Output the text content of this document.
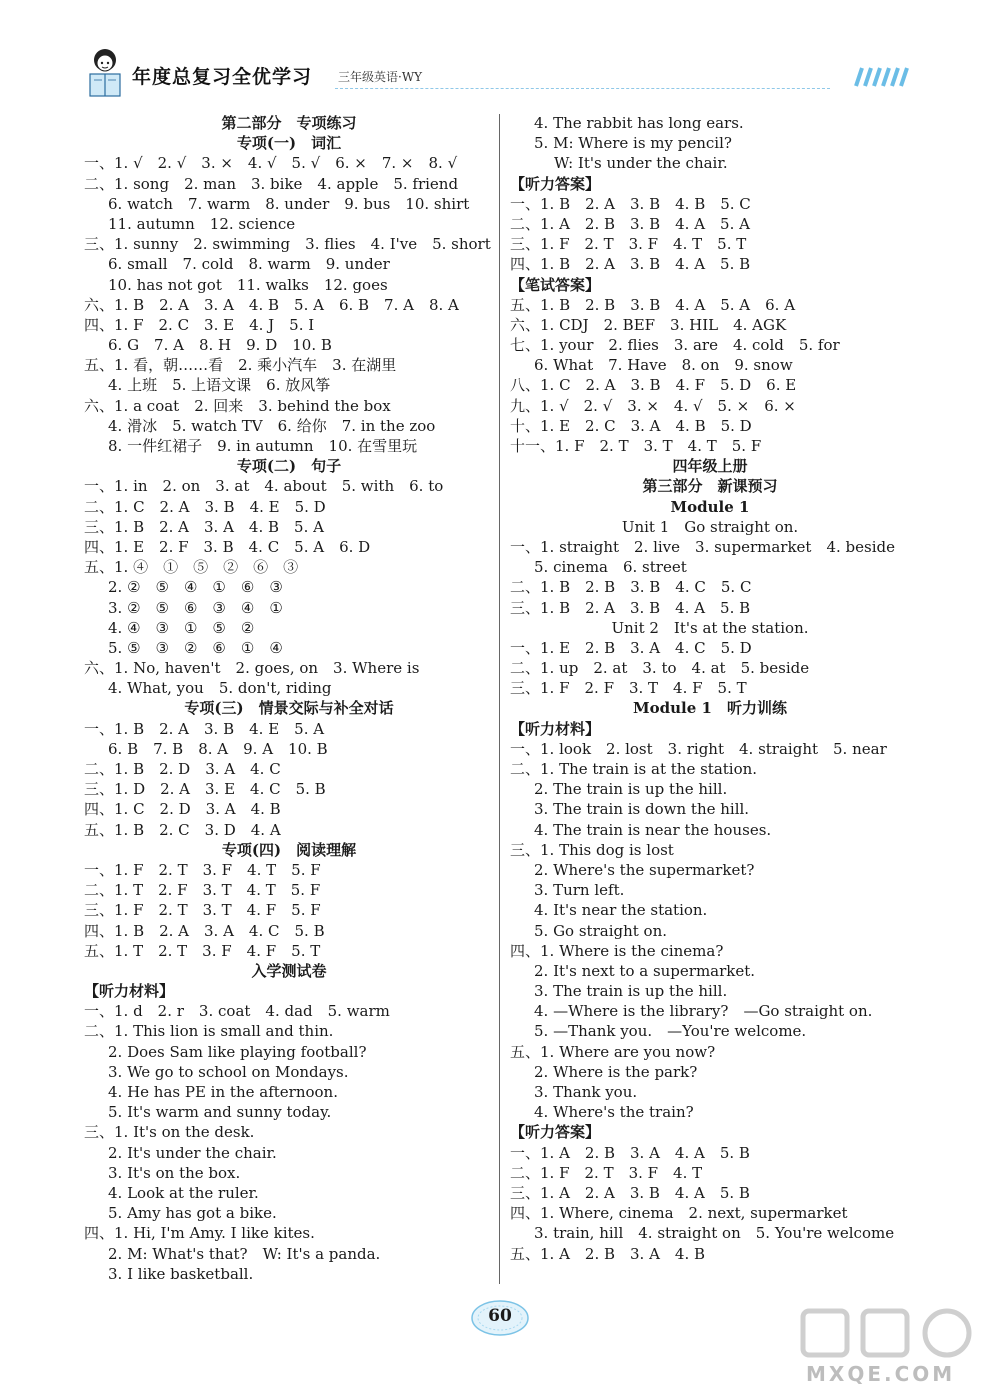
年度总复习全优学习 三年级英语·WY
第二部分　专项练习
专项(一)　词汇
一、1. √　2. √　3. ×　4. √　5. √　6. ×　7. ×　8. √
二、1. song　2. man　3. bike　4. apple　5. friend
6. watch　7. warm　8. under　9. bus　10. shirt
11. autumn　12. science
三、1. sunny　2. swimming　3. flies　4. I've　5. short
6. small　7. cold　8. warm　9. under
10. has not got　11. walks　12. goes
六、1. B　2. A　3. A　4. B　5. A　6. B　7. A　8. A
四、1. F　2. C　3. E　4. J　5. I
6. G　7. A　8. H　9. D　10. B
五、1. 看，朝……看　2. 乘小汽车　3. 在湖里
4. 上班　5. 上语文课　6. 放风筝
六、1. a coat　2. 回来　3. behind the box
4. 滑冰　5. watch TV　6. 给你　7. in the zoo
8. 一件红裙子　9. in autumn　10. 在雪里玩
专项(二)　句子
一、1. in　2. on　3. at　4. about　5. with　6. to
二、1. C　2. A　3. B　4. E　5. D
三、1. B　2. A　3. A　4. B　5. A
四、1. E　2. F　3. B　4. C　5. A　6. D
五、1. ④　①　⑤　②　⑥　③
2. ②　⑤　④　①　⑥　③
3. ②　⑤　⑥　③　④　①
4. ④　③　①　⑤　②
5. ⑤　③　②　⑥　①　④
六、1. No, haven't　2. goes, on　3. Where is
4. What, you　5. don't, riding
专项(三)　情景交际与补全对话
一、1. B　2. A　3. B　4. E　5. A
6. B　7. B　8. A　9. A　10. B
二、1. B　2. D　3. A　4. C
三、1. D　2. A　3. E　4. C　5. B
四、1. C　2. D　3. A　4. B
五、1. B　2. C　3. D　4. A
专项(四)　阅读理解
一、1. F　2. T　3. F　4. T　5. F
二、1. T　2. F　3. T　4. T　5. F
三、1. F　2. T　3. T　4. F　5. F
四、1. B　2. A　3. A　4. C　5. B
五、1. T　2. T　3. F　4. F　5. T
入学测试卷
【听力材料】
一、1. d　2. r　3. coat　4. dad　5. warm
二、1. This lion is small and thin.
2. Does Sam like playing football?
3. We go to school on Mondays.
4. He has PE in the afternoon.
5. It's warm and sunny today.
三、1. It's on the desk.
2. It's under the chair.
3. It's on the box.
4. Look at the ruler.
5. Amy has got a bike.
四、1. Hi, I'm Amy. I like kites.
2. M: What's that?　W: It's a panda.
3. I like basketball.
4. The rabbit has long ears.
5. M: Where is my pencil?
W: It's under the chair.
【听力答案】
一、1. B　2. A　3. B　4. B　5. C
二、1. A　2. B　3. B　4. A　5. A
三、1. F　2. T　3. F　4. T　5. T
四、1. B　2. A　3. B　4. A　5. B
【笔试答案】
五、1. B　2. B　3. B　4. A　5. A　6. A
六、1. CDJ　2. BEF　3. HIL　4. AGK
七、1. your　2. flies　3. are　4. cold　5. for
6. What　7. Have　8. on　9. snow
八、1. C　2. A　3. B　4. F　5. D　6. E
九、1. √　2. √　3. ×　4. √　5. ×　6. ×
十、1. E　2. C　3. A　4. B　5. D
十一、1. F　2. T　3. T　4. T　5. F
四年级上册
第三部分　新课预习
Module 1
Unit 1　Go straight on.
一、1. straight　2. live　3. supermarket　4. beside
5. cinema　6. street
二、1. B　2. B　3. B　4. C　5. C
三、1. B　2. A　3. B　4. A　5. B
Unit 2　It's at the station.
一、1. E　2. B　3. A　4. C　5. D
二、1. up　2. at　3. to　4. at　5. beside
三、1. F　2. F　3. T　4. F　5. T
Module 1　听力训练
【听力材料】
一、1. look　2. lost　3. right　4. straight　5. near
二、1. The train is at the station.
2. The train is up the hill.
3. The train is down the hill.
4. The train is near the houses.
三、1. This dog is lost
2. Where's the supermarket?
3. Turn left.
4. It's near the station.
5. Go straight on.
四、1. Where is the cinema?
2. It's next to a supermarket.
3. The train is up the hill.
4. —Where is the library?　—Go straight on.
5. —Thank you.　—You're welcome.
五、1. Where are you now?
2. Where is the park?
3. Thank you.
4. Where's the train?
【听力答案】
一、1. A　2. B　3. A　4. A　5. B
二、1. F　2. T　3. F　4. T
三、1. A　2. A　3. B　4. A　5. B
四、1. Where, cinema　2. next, supermarket
3. train, hill　4. straight on　5. You're welcome
五、1. A　2. B　3. A　4. B
60
MXQE.COM
